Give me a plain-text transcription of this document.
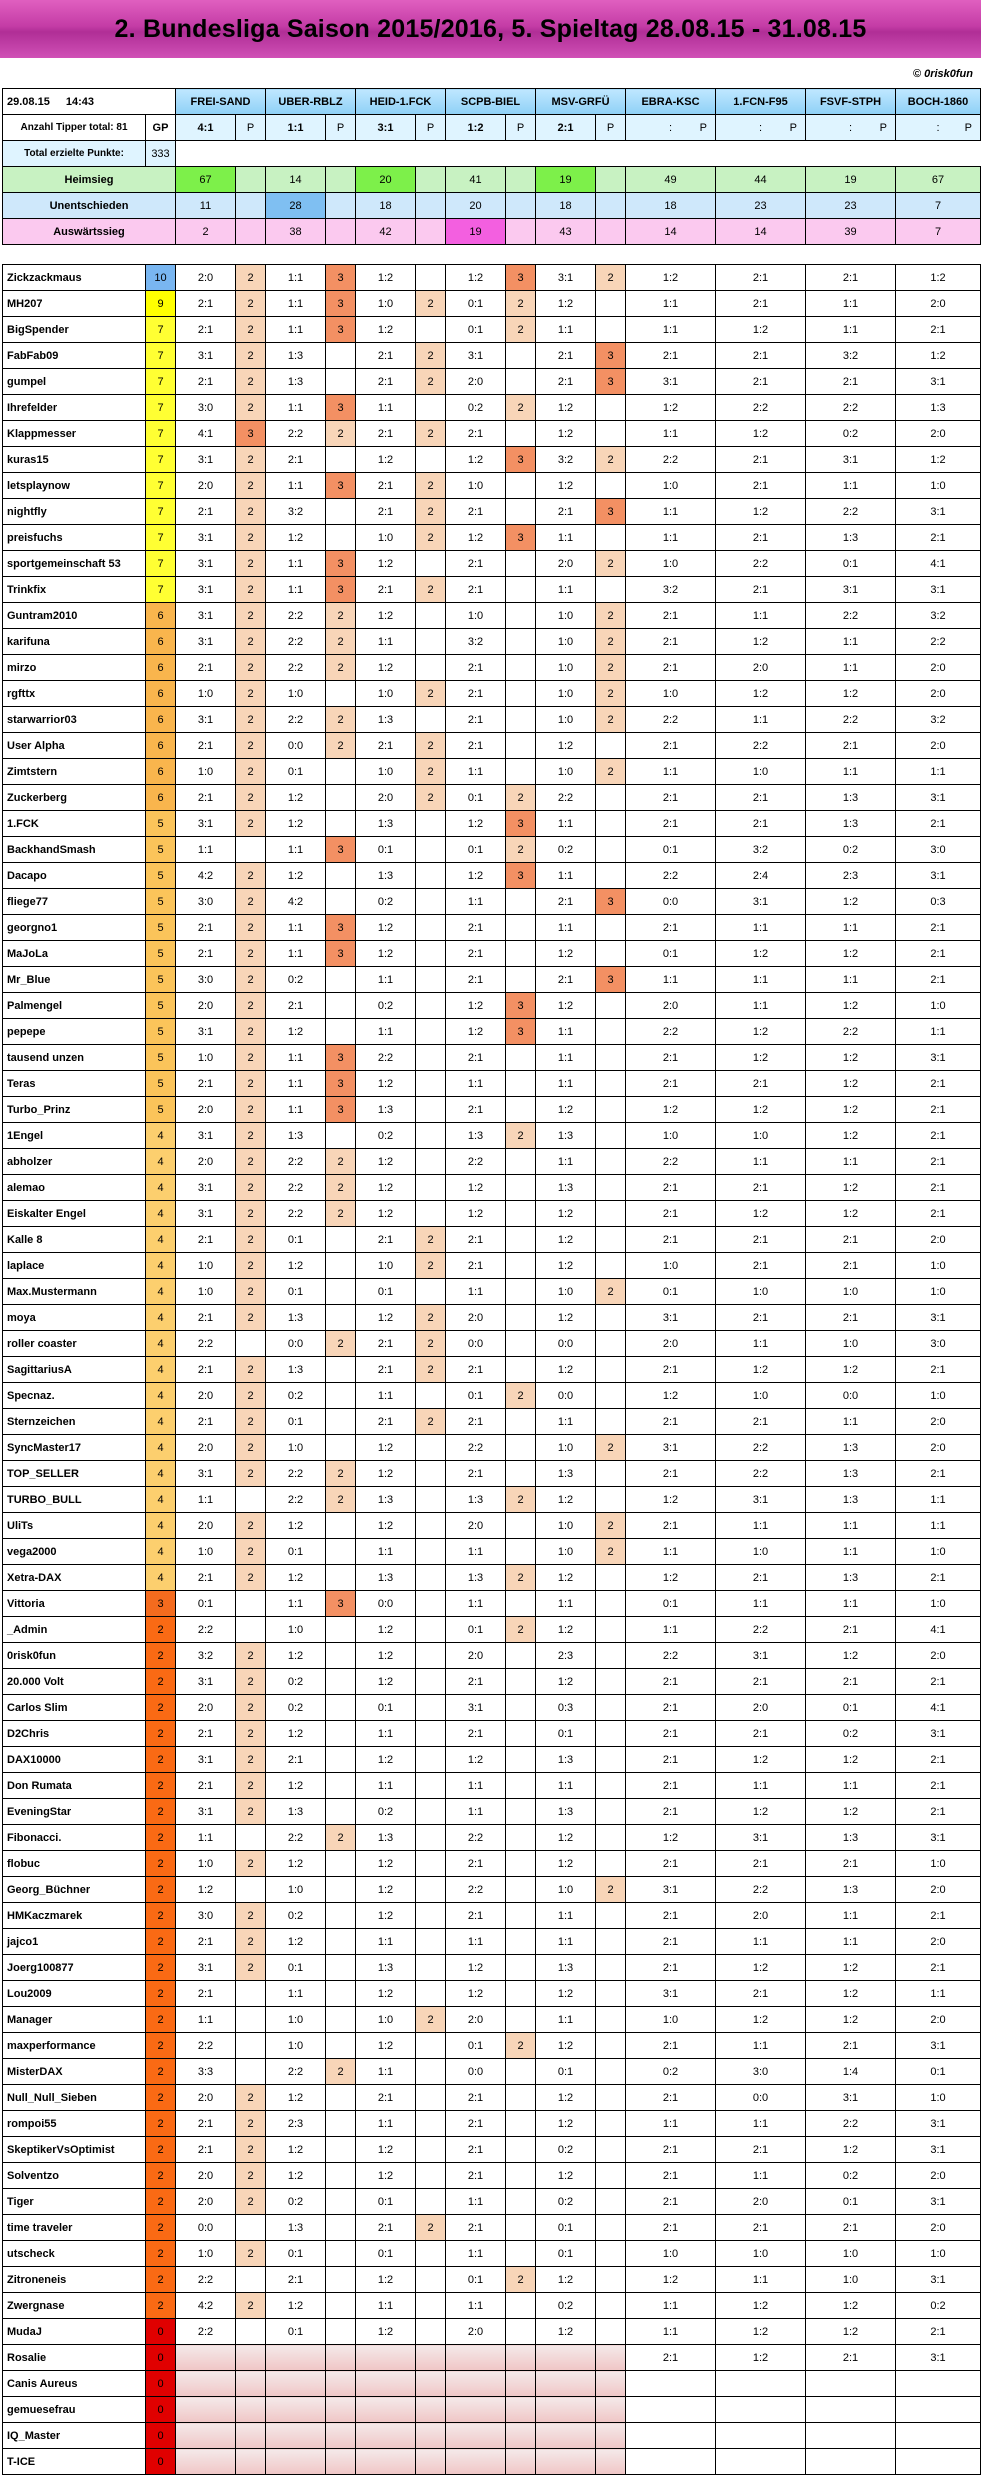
2. Bundesliga Saison 2015/2016, 5. Spieltag 28.08.15 - 31.08.15
© 0risk0fun
29.08.15 14:43		FREI-SAND		UBER-RBLZ		HEID-1.FCK		SCPB-BIEL		MSV-GRFÜ		EBRA-KSC	1.FCN-F95	FSVF-STPH	BOCH-1860
Anzahl Tipper total: 81	GP	4:1	P	1:1	P	3:1	P	1:2	P	2:1	P	: P	: P	: P	: P

Total erzielte Punkte:	333														
Heimsieg		67		14		20		41		19		49	44	19	67
Unentschieden		11		28		18		20		18		18	23	23	7
Auswärtssieg		2		38		42		19		43		14	14	39	7

Zickzackmaus	10	2:0	2	1:1	3	1:2		1:2	3	3:1	2	1:2	2:1	2:1	1:2
MH207	9	2:1	2	1:1	3	1:0	2	0:1	2	1:2		1:1	2:1	1:1	2:0
BigSpender	7	2:1	2	1:1	3	1:2		0:1	2	1:1		1:1	1:2	1:1	2:1
FabFab09	7	3:1	2	1:3		2:1	2	3:1		2:1	3	2:1	2:1	3:2	1:2
gumpel	7	2:1	2	1:3		2:1	2	2:0		2:1	3	3:1	2:1	2:1	3:1
Ihrefelder	7	3:0	2	1:1	3	1:1		0:2	2	1:2		1:2	2:2	2:2	1:3
Klappmesser	7	4:1	3	2:2	2	2:1	2	2:1		1:2		1:1	1:2	0:2	2:0
kuras15	7	3:1	2	2:1		1:2		1:2	3	3:2	2	2:2	2:1	3:1	1:2
letsplaynow	7	2:0	2	1:1	3	2:1	2	1:0		1:2		1:0	2:1	1:1	1:0
nightfly	7	2:1	2	3:2		2:1	2	2:1		2:1	3	1:1	1:2	2:2	3:1
preisfuchs	7	3:1	2	1:2		1:0	2	1:2	3	1:1		1:1	2:1	1:3	2:1
sportgemeinschaft 53	7	3:1	2	1:1	3	1:2		2:1		2:0	2	1:0	2:2	0:1	4:1
Trinkfix	7	3:1	2	1:1	3	2:1	2	2:1		1:1		3:2	2:1	3:1	3:1
Guntram2010	6	3:1	2	2:2	2	1:2		1:0		1:0	2	2:1	1:1	2:2	3:2
karifuna	6	3:1	2	2:2	2	1:1		3:2		1:0	2	2:1	1:2	1:1	2:2
mirzo	6	2:1	2	2:2	2	1:2		2:1		1:0	2	2:1	2:0	1:1	2:0
rgfttx	6	1:0	2	1:0		1:0	2	2:1		1:0	2	1:0	1:2	1:2	2:0
starwarrior03	6	3:1	2	2:2	2	1:3		2:1		1:0	2	2:2	1:1	2:2	3:2
User Alpha	6	2:1	2	0:0	2	2:1	2	2:1		1:2		2:1	2:2	2:1	2:0
Zimtstern	6	1:0	2	0:1		1:0	2	1:1		1:0	2	1:1	1:0	1:1	1:1
Zuckerberg	6	2:1	2	1:2		2:0	2	0:1	2	2:2		2:1	2:1	1:3	3:1
1.FCK	5	3:1	2	1:2		1:3		1:2	3	1:1		2:1	2:1	1:3	2:1
BackhandSmash	5	1:1		1:1	3	0:1		0:1	2	0:2		0:1	3:2	0:2	3:0
Dacapo	5	4:2	2	1:2		1:3		1:2	3	1:1		2:2	2:4	2:3	3:1
fliege77	5	3:0	2	4:2		0:2		1:1		2:1	3	0:0	3:1	1:2	0:3
georgno1	5	2:1	2	1:1	3	1:2		2:1		1:1		2:1	1:1	1:1	2:1
MaJoLa	5	2:1	2	1:1	3	1:2		2:1		1:2		0:1	1:2	1:2	2:1
Mr_Blue	5	3:0	2	0:2		1:1		2:1		2:1	3	1:1	1:1	1:1	2:1
Palmengel	5	2:0	2	2:1		0:2		1:2	3	1:2		2:0	1:1	1:2	1:0
pepepe	5	3:1	2	1:2		1:1		1:2	3	1:1		2:2	1:2	2:2	1:1
tausend unzen	5	1:0	2	1:1	3	2:2		2:1		1:1		2:1	1:2	1:2	3:1
Teras	5	2:1	2	1:1	3	1:2		1:1		1:1		2:1	2:1	1:2	2:1
Turbo_Prinz	5	2:0	2	1:1	3	1:3		2:1		1:2		1:2	1:2	1:2	2:1
1Engel	4	3:1	2	1:3		0:2		1:3	2	1:3		1:0	1:0	1:2	2:1
abholzer	4	2:0	2	2:2	2	1:2		2:2		1:1		2:2	1:1	1:1	2:1
alemao	4	3:1	2	2:2	2	1:2		1:2		1:3		2:1	2:1	1:2	2:1
Eiskalter Engel	4	3:1	2	2:2	2	1:2		1:2		1:2		2:1	1:2	1:2	2:1
Kalle 8	4	2:1	2	0:1		2:1	2	2:1		1:2		2:1	2:1	2:1	2:0
laplace	4	1:0	2	1:2		1:0	2	2:1		1:2		1:0	2:1	2:1	1:0
Max.Mustermann	4	1:0	2	0:1		0:1		1:1		1:0	2	0:1	1:0	1:0	1:0
moya	4	2:1	2	1:3		1:2	2	2:0		1:2		3:1	2:1	2:1	3:1
roller coaster	4	2:2		0:0	2	2:1	2	0:0		0:0		2:0	1:1	1:0	3:0
SagittariusA	4	2:1	2	1:3		2:1	2	2:1		1:2		2:1	1:2	1:2	2:1
Specnaz.	4	2:0	2	0:2		1:1		0:1	2	0:0		1:2	1:0	0:0	1:0
Sternzeichen	4	2:1	2	0:1		2:1	2	2:1		1:1		2:1	2:1	1:1	2:0
SyncMaster17	4	2:0	2	1:0		1:2		2:2		1:0	2	3:1	2:2	1:3	2:0
TOP_SELLER	4	3:1	2	2:2	2	1:2		2:1		1:3		2:1	2:2	1:3	2:1
TURBO_BULL	4	1:1		2:2	2	1:3		1:3	2	1:2		1:2	3:1	1:3	1:1
UliTs	4	2:0	2	1:2		1:2		2:0		1:0	2	2:1	1:1	1:1	1:1
vega2000	4	1:0	2	0:1		1:1		1:1		1:0	2	1:1	1:0	1:1	1:0
Xetra-DAX	4	2:1	2	1:2		1:3		1:3	2	1:2		1:2	2:1	1:3	2:1
Vittoria	3	0:1		1:1	3	0:0		1:1		1:1		0:1	1:1	1:1	1:0
_Admin	2	2:2		1:0		1:2		0:1	2	1:2		1:1	2:2	2:1	4:1
0risk0fun	2	3:2	2	1:2		1:2		2:0		2:3		2:2	3:1	1:2	2:0
20.000 Volt	2	3:1	2	0:2		1:2		2:1		1:2		2:1	2:1	2:1	2:1
Carlos Slim	2	2:0	2	0:2		0:1		3:1		0:3		2:1	2:0	0:1	4:1
D2Chris	2	2:1	2	1:2		1:1		2:1		0:1		2:1	2:1	0:2	3:1
DAX10000	2	3:1	2	2:1		1:2		1:2		1:3		2:1	1:2	1:2	2:1
Don Rumata	2	2:1	2	1:2		1:1		1:1		1:1		2:1	1:1	1:1	2:1
EveningStar	2	3:1	2	1:3		0:2		1:1		1:3		2:1	1:2	1:2	2:1
Fibonacci.	2	1:1		2:2	2	1:3		2:2		1:2		1:2	3:1	1:3	3:1
flobuc	2	1:0	2	1:2		1:2		2:1		1:2		2:1	2:1	2:1	1:0
Georg_Büchner	2	1:2		1:0		1:2		2:2		1:0	2	3:1	2:2	1:3	2:0
HMKaczmarek	2	3:0	2	0:2		1:2		2:1		1:1		2:1	2:0	1:1	2:1
jajco1	2	2:1	2	1:2		1:1		1:1		1:1		2:1	1:1	1:1	2:0
Joerg100877	2	3:1	2	0:1		1:3		1:2		1:3		2:1	1:2	1:2	2:1
Lou2009	2	2:1		1:1		1:2		1:2		1:2		3:1	2:1	1:2	1:1
Manager	2	1:1		1:0		1:0	2	2:0		1:1		1:0	1:2	1:2	2:0
maxperformance	2	2:2		1:0		1:2		0:1	2	1:2		2:1	1:1	2:1	3:1
MisterDAX	2	3:3		2:2	2	1:1		0:0		0:1		0:2	3:0	1:4	0:1
Null_Null_Sieben	2	2:0	2	1:2		2:1		2:1		1:2		2:1	0:0	3:1	1:0
rompoi55	2	2:1	2	2:3		1:1		2:1		1:2		1:1	1:1	2:2	3:1
SkeptikerVsOptimist	2	2:1	2	1:2		1:2		2:1		0:2		2:1	2:1	1:2	3:1
Solventzo	2	2:0	2	1:2		1:2		2:1		1:2		2:1	1:1	0:2	2:0
Tiger	2	2:0	2	0:2		0:1		1:1		0:2		2:1	2:0	0:1	3:1
time traveler	2	0:0		1:3		2:1	2	2:1		0:1		2:1	2:1	2:1	2:0
utscheck	2	1:0	2	0:1		0:1		1:1		0:1		1:0	1:0	1:0	1:0
Zitroneneis	2	2:2		2:1		1:2		0:1	2	1:2		1:2	1:1	1:0	3:1
Zwergnase	2	4:2	2	1:2		1:1		1:1		0:2		1:1	1:2	1:2	0:2
MudaJ	0	2:2		0:1		1:2		2:0		1:2		1:1	1:2	1:2	2:1
Rosalie	0											2:1	1:2	2:1	3:1
Canis Aureus	0														
gemuesefrau	0														
IQ_Master	0														
T-ICE	0														
